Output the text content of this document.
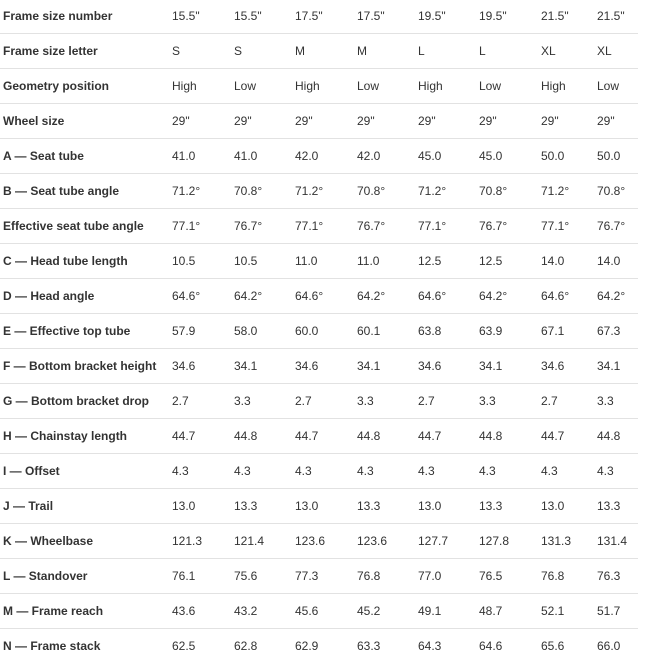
Frame size number	15.5"	15.5"	17.5"	17.5"	19.5"	19.5"	21.5"	21.5"
Frame size letter	S	S	M	M	L	L	XL	XL
Geometry position	High	Low	High	Low	High	Low	High	Low
Wheel size	29"	29"	29"	29"	29"	29"	29"	29"
A — Seat tube	41.0	41.0	42.0	42.0	45.0	45.0	50.0	50.0
B — Seat tube angle	71.2°	70.8°	71.2°	70.8°	71.2°	70.8°	71.2°	70.8°
Effective seat tube angle	77.1°	76.7°	77.1°	76.7°	77.1°	76.7°	77.1°	76.7°
C — Head tube length	10.5	10.5	11.0	11.0	12.5	12.5	14.0	14.0
D — Head angle	64.6°	64.2°	64.6°	64.2°	64.6°	64.2°	64.6°	64.2°
E — Effective top tube	57.9	58.0	60.0	60.1	63.8	63.9	67.1	67.3
F — Bottom bracket height	34.6	34.1	34.6	34.1	34.6	34.1	34.6	34.1
G — Bottom bracket drop	2.7	3.3	2.7	3.3	2.7	3.3	2.7	3.3
H — Chainstay length	44.7	44.8	44.7	44.8	44.7	44.8	44.7	44.8
I — Offset	4.3	4.3	4.3	4.3	4.3	4.3	4.3	4.3
J — Trail	13.0	13.3	13.0	13.3	13.0	13.3	13.0	13.3
K — Wheelbase	121.3	121.4	123.6	123.6	127.7	127.8	131.3	131.4
L — Standover	76.1	75.6	77.3	76.8	77.0	76.5	76.8	76.3
M — Frame reach	43.6	43.2	45.6	45.2	49.1	48.7	52.1	51.7
N — Frame stack	62.5	62.8	62.9	63.3	64.3	64.6	65.6	66.0
